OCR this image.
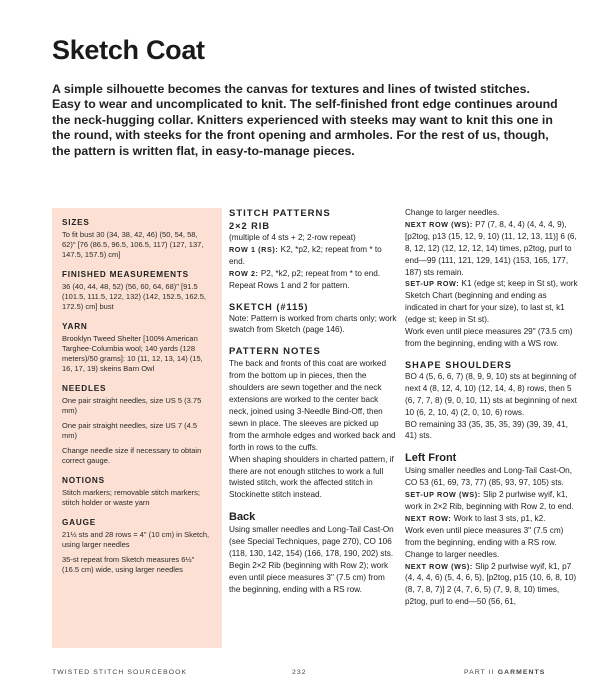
Sketch Coat

A simple silhouette becomes the canvas for textures and lines of twisted stitches. Easy to wear and uncomplicated to knit. The self-finished front edge continues around the neck-hugging collar. Knitters experienced with steeks may want to knit this one in the round, with steeks for the front opening and armholes. For the rest of us, though, the pattern is written flat, in easy-to-manage pieces.

SIZES

To fit bust 30 (34, 38, 42, 46) (50, 54, 58, 62)" [76 (86.5, 96.5, 106.5, 117) (127, 137, 147.5, 157.5) cm]

FINISHED MEASUREMENTS

36 (40, 44, 48, 52) (56, 60, 64, 68)" [91.5 (101.5, 111.5, 122, 132) (142, 152.5, 162.5, 172.5) cm] bust

YARN

Brooklyn Tweed Shelter [100% American Targhee-Columbia wool; 140 yards (128 meters)/50 grams]: 10 (11, 12, 13, 14) (15, 16, 17, 19) skeins Barn Owl

NEEDLES

One pair straight needles, size US 5 (3.75 mm)

One pair straight needles, size US 7 (4.5 mm)

Change needle size if necessary to obtain correct gauge.

NOTIONS

Stitch markers; removable stitch markers; stitch holder or waste yarn

GAUGE

21½ sts and 28 rows = 4" (10 cm) in Sketch, using larger needles

35-st repeat from Sketch measures 6½" (16.5 cm) wide, using larger needles

STITCH PATTERNS

2×2 RIB

(multiple of 4 sts + 2; 2-row repeat)

ROW 1 (RS): K2, *p2, k2; repeat from * to end.

ROW 2: P2, *k2, p2; repeat from * to end.

Repeat Rows 1 and 2 for pattern.

SKETCH (#115)

Note: Pattern is worked from charts only; work swatch from Sketch (page 146).

PATTERN NOTES

The back and fronts of this coat are worked from the bottom up in pieces, then the shoulders are sewn together and the neck extensions are worked to the center back neck, joined using 3-Needle Bind-Off, then sewn in place. The sleeves are picked up from the armhole edges and worked back and forth in rows to the cuffs.

When shaping shoulders in charted pattern, if there are not enough stitches to work a full twisted stitch, work the affected stitch in Stockinette stitch instead.

Back

Using smaller needles and Long-Tail Cast-On (see Special Techniques, page 270), CO 106 (118, 130, 142, 154) (166, 178, 190, 202) sts.

Begin 2×2 Rib (beginning with Row 2); work even until piece measures 3" (7.5 cm) from the beginning, ending with a RS row.

Change to larger needles.

NEXT ROW (WS): P7 (7, 8, 4, 4) (4, 4, 4, 9), [p2tog, p13 (15, 12, 9, 10) (11, 12, 13, 11)] 6 (6, 8, 12, 12) (12, 12, 12, 14) times, p2tog, purl to end—99 (111, 121, 129, 141) (153, 165, 177, 187) sts remain.

SET-UP ROW: K1 (edge st; keep in St st), work Sketch Chart (beginning and ending as indicated in chart for your size), to last st, k1 (edge st; keep in St st).

Work even until piece measures 29" (73.5 cm) from the beginning, ending with a WS row.

SHAPE SHOULDERS

BO 4 (5, 6, 6, 7) (8, 9, 9, 10) sts at beginning of next 4 (8, 12, 4, 10) (12, 14, 4, 8) rows, then 5 (6, 7, 7, 8) (9, 0, 10, 11) sts at beginning of next 10 (6, 2, 10, 4) (2, 0, 10, 6) rows.

BO remaining 33 (35, 35, 35, 39) (39, 39, 41, 41) sts.

Left Front

Using smaller needles and Long-Tail Cast-On, CO 53 (61, 69, 73, 77) (85, 93, 97, 105) sts.

SET-UP ROW (WS): Slip 2 purlwise wyif, k1, work in 2×2 Rib, beginning with Row 2, to end.

NEXT ROW: Work to last 3 sts, p1, k2.

Work even until piece measures 3" (7.5 cm) from the beginning, ending with a RS row.

Change to larger needles.

NEXT ROW (WS): Slip 2 purlwise wyif, k1, p7 (4, 4, 4, 6) (5, 4, 6, 5), [p2tog, p15 (10, 6, 8, 10) (8, 7, 8, 7)] 2 (4, 7, 6, 5) (7, 9, 8, 10) times, p2tog, purl to end—50 (56, 61,

TWISTED STITCH SOURCEBOOK	232	PART II GARMENTS
